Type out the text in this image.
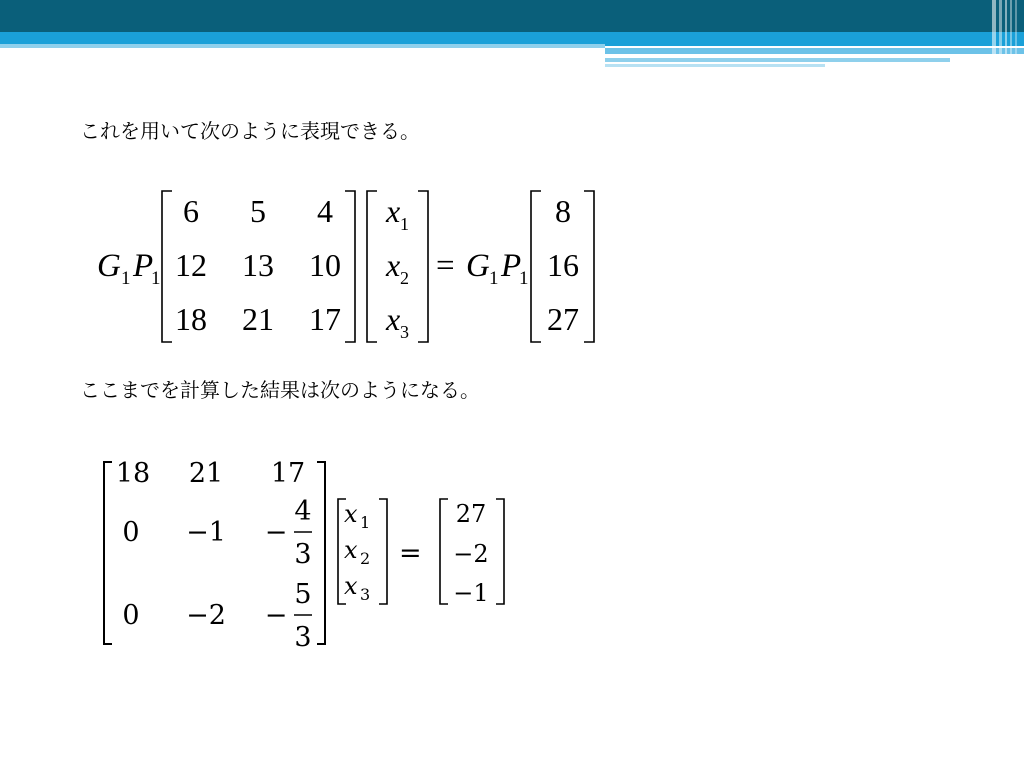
これを用いて次のように表現できる。
ここまでを計算した結果は次のようになる。
G 1 P
1
6 5 4
12 13 10
18 21 17
x 1
x 2
x 3
= G 1 P
1
8
16
27
18 21 17
0 −1 −
4
3
0 −2 −
5
3
x 1
x 2
x 3
=
27
−2
−1
